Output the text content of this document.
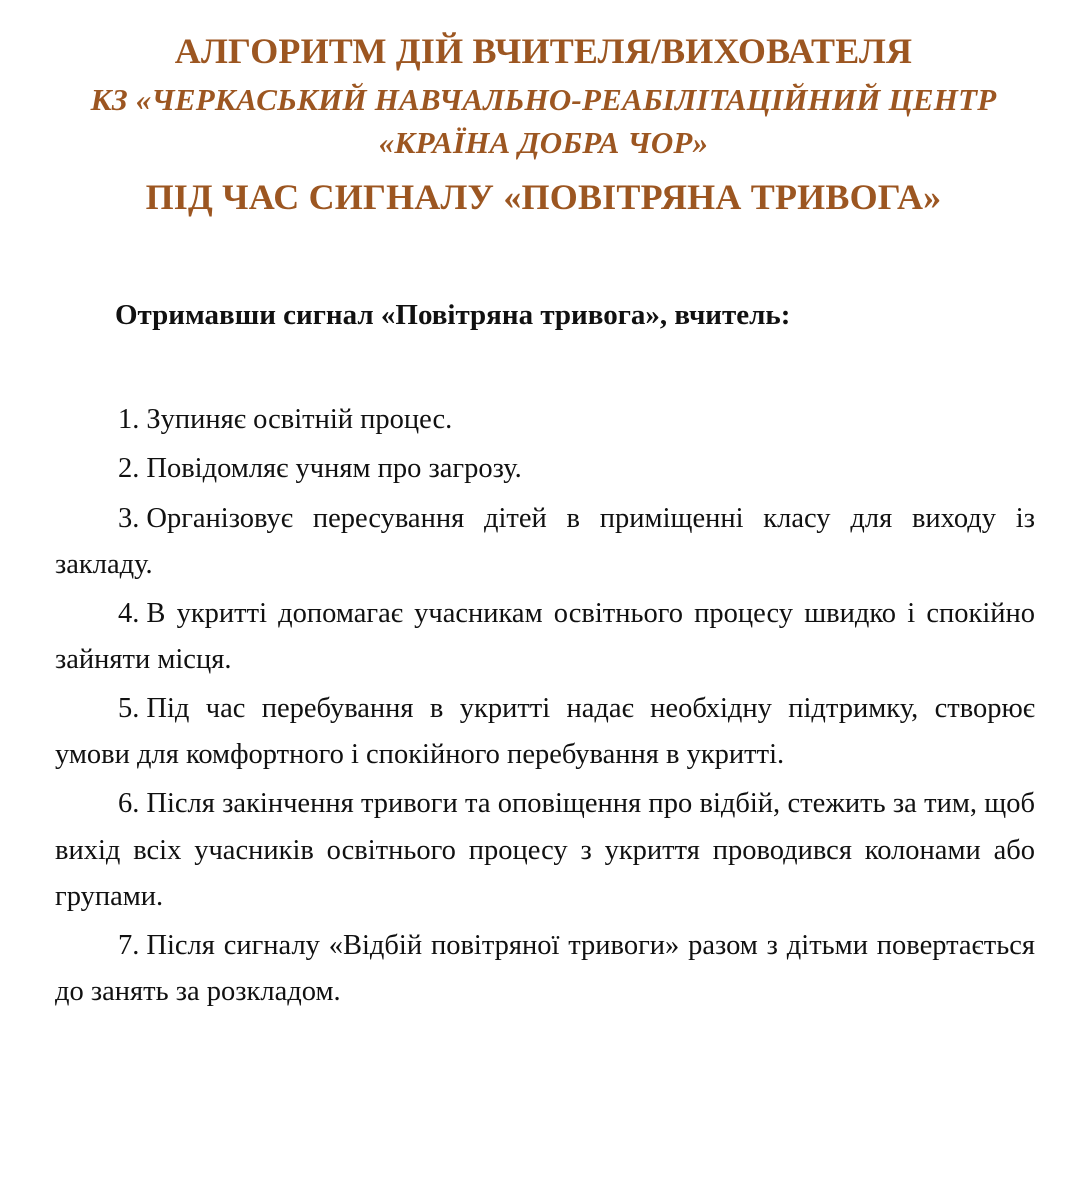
АЛГОРИТМ ДІЙ ВЧИТЕЛЯ/ВИХОВАТЕЛЯ
КЗ «ЧЕРКАСЬКИЙ НАВЧАЛЬНО-РЕАБІЛІТАЦІЙНИЙ ЦЕНТР
«КРАЇНА ДОБРА ЧОР»
ПІД ЧАС СИГНАЛУ «ПОВІТРЯНА ТРИВОГА»
Отримавши сигнал «Повітряна тривога», вчитель:
1. Зупиняє освітній процес.
2. Повідомляє учням про загрозу.
3. Організовує пересування дітей в приміщенні класу для виходу із закладу.
4. В укритті допомагає учасникам освітнього процесу швидко і спокійно зайняти місця.
5. Під час перебування в укритті надає необхідну підтримку, створює умови для комфортного і спокійного перебування в укритті.
6. Після закінчення тривоги та оповіщення про відбій, стежить за тим, щоб вихід всіх учасників освітнього процесу з укриття проводився колонами або групами.
7. Після сигналу «Відбій повітряної тривоги» разом з дітьми повертається до занять за розкладом.
